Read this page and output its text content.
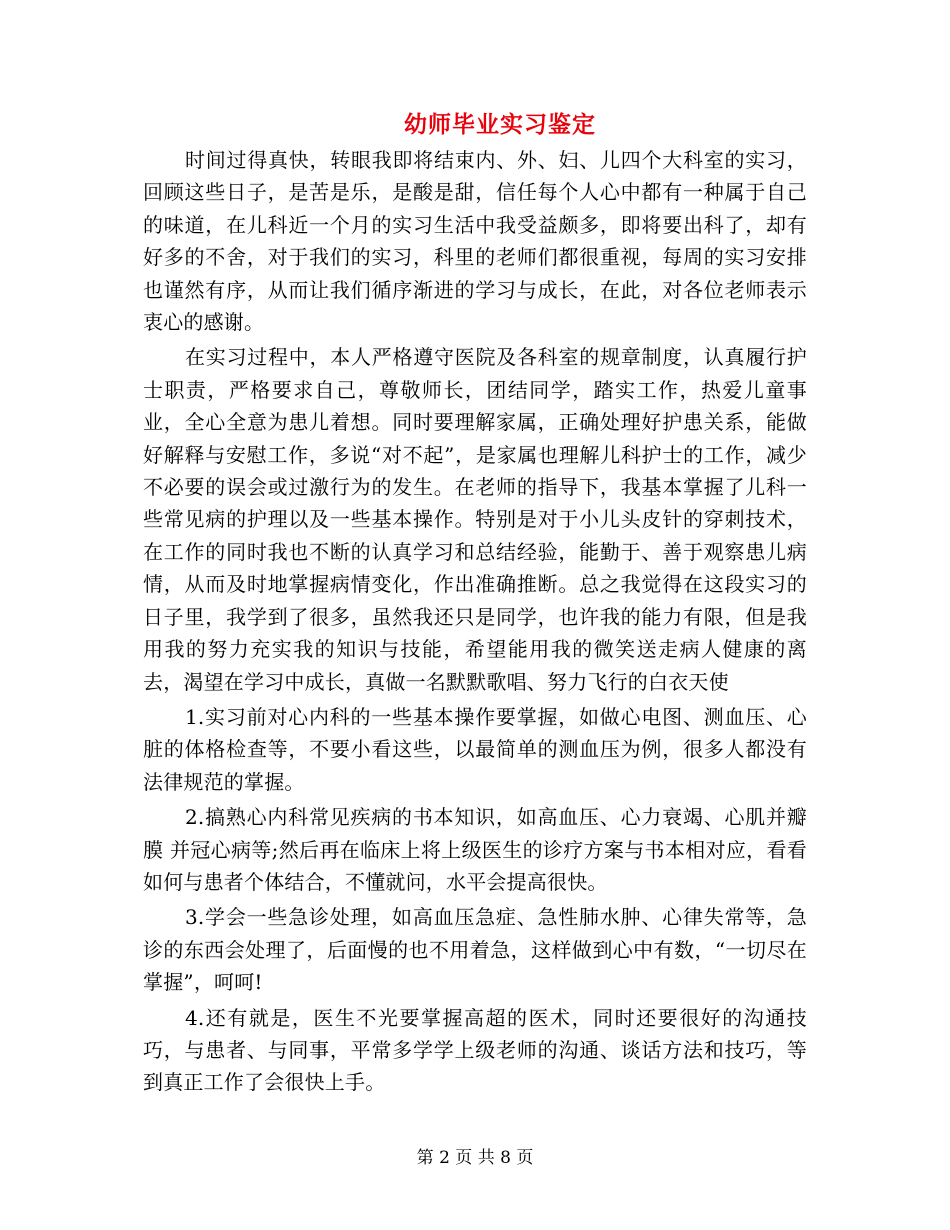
幼师毕业实习鉴定

时间过得真快，转眼我即将结束内、外、妇、儿四个大科室的实习，回顾这些日子，是苦是乐，是酸是甜，信任每个人心中都有一种属于自己的味道，在儿科近一个月的实习生活中我受益颇多，即将要出科了，却有好多的不舍，对于我们的实习，科里的老师们都很重视，每周的实习安排也谨然有序，从而让我们循序渐进的学习与成长，在此，对各位老师表示衷心的感谢。

在实习过程中，本人严格遵守医院及各科室的规章制度，认真履行护士职责，严格要求自己，尊敬师长，团结同学，踏实工作，热爱儿童事业，全心全意为患儿着想。同时要理解家属，正确处理好护患关系，能做好解释与安慰工作，多说“对不起”，是家属也理解儿科护士的工作，减少不必要的误会或过激行为的发生。在老师的指导下，我基本掌握了儿科一些常见病的护理以及一些基本操作。特别是对于小儿头皮针的穿刺技术，在工作的同时我也不断的认真学习和总结经验，能勤于、善于观察患儿病情，从而及时地掌握病情变化，作出准确推断。总之我觉得在这段实习的日子里，我学到了很多，虽然我还只是同学，也许我的能力有限，但是我用我的努力充实我的知识与技能，希望能用我的微笑送走病人健康的离去，渴望在学习中成长，真做一名默默歌唱、努力飞行的白衣天使

1.实习前对心内科的一些基本操作要掌握，如做心电图、测血压、心脏的体格检查等，不要小看这些，以最简单的测血压为例，很多人都没有法律规范的掌握。

2.搞熟心内科常见疾病的书本知识，如高血压、心力衰竭、心肌并瓣膜 并冠心病等;然后再在临床上将上级医生的诊疗方案与书本相对应，看看如何与患者个体结合，不懂就问，水平会提高很快。

3.学会一些急诊处理，如高血压急症、急性肺水肿、心律失常等，急诊的东西会处理了，后面慢的也不用着急，这样做到心中有数，“一切尽在掌握”，呵呵!

4.还有就是，医生不光要掌握高超的医术，同时还要很好的沟通技巧，与患者、与同事，平常多学学上级老师的沟通、谈话方法和技巧，等到真正工作了会很快上手。

第 2 页 共 8 页
